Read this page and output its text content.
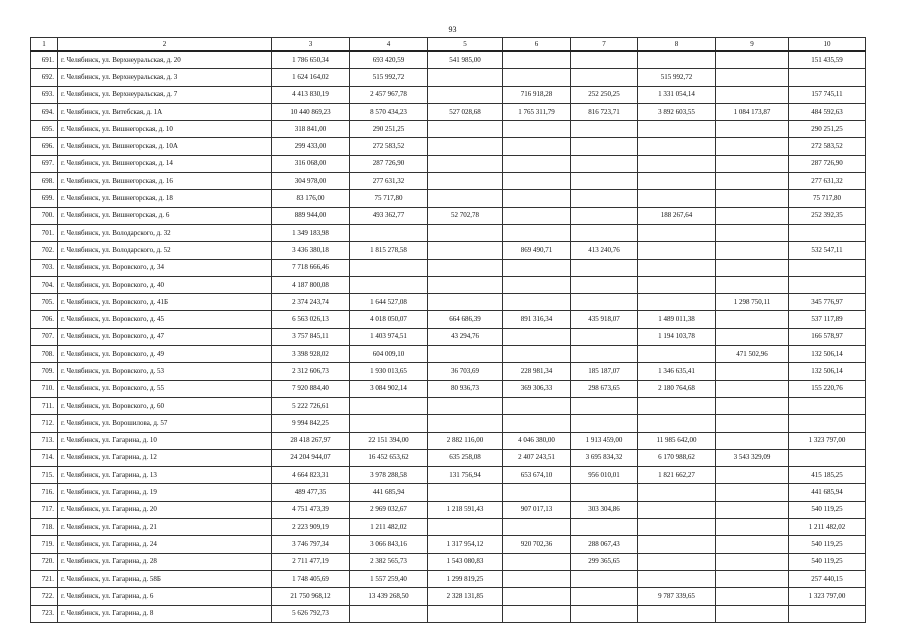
93
1	2	3	4	5	6	7	8	9	10
691.	г. Челябинск, ул. Верхнеуральская, д. 20	1 786 650,34	693 420,59	541 985,00					151 435,59
692.	г. Челябинск, ул. Верхнеуральская, д. 3	1 624 164,02	515 992,72				515 992,72		
693.	г. Челябинск, ул. Верхнеуральская, д. 7	4 413 830,19	2 457 967,78		716 918,28	252 250,25	1 331 054,14		157 745,11
694.	г. Челябинск, ул. Витебская, д. 1А	10 440 869,23	8 570 434,23	527 028,68	1 765 311,79	816 723,71	3 892 603,55	1 084 173,87	484 592,63
695.	г. Челябинск, ул. Вишнегорская, д. 10	318 841,00	290 251,25						290 251,25
696.	г. Челябинск, ул. Вишнегорская, д. 10А	299 433,00	272 583,52						272 583,52
697.	г. Челябинск, ул. Вишнегорская, д. 14	316 068,00	287 726,90						287 726,90
698.	г. Челябинск, ул. Вишнегорская, д. 16	304 978,00	277 631,32						277 631,32
699.	г. Челябинск, ул. Вишнегорская, д. 18	83 176,00	75 717,80						75 717,80
700.	г. Челябинск, ул. Вишнегорская, д. 6	889 944,00	493 362,77	52 702,78			188 267,64		252 392,35
701.	г. Челябинск, ул. Володарского, д. 32	1 349 183,98							
702.	г. Челябинск, ул. Володарского, д. 52	3 436 380,18	1 815 278,58		869 490,71	413 240,76			532 547,11
703.	г. Челябинск, ул. Воровского, д. 34	7 718 666,46							
704.	г. Челябинск, ул. Воровского, д. 40	4 187 800,08							
705.	г. Челябинск, ул. Воровского, д. 41Б	2 374 243,74	1 644 527,08					1 298 750,11	345 776,97
706.	г. Челябинск, ул. Воровского, д. 45	6 563 026,13	4 018 050,07	664 686,39	891 316,34	435 918,07	1 489 011,38		537 117,89
707.	г. Челябинск, ул. Воровского, д. 47	3 757 845,11	1 403 974,51	43 294,76			1 194 103,78		166 578,97
708.	г. Челябинск, ул. Воровского, д. 49	3 398 928,02	604 009,10					471 502,96	132 506,14
709.	г. Челябинск, ул. Воровского, д. 53	2 312 606,73	1 930 013,65	36 703,69	228 981,34	185 187,07	1 346 635,41		132 506,14
710.	г. Челябинск, ул. Воровского, д. 55	7 920 884,40	3 084 902,14	80 936,73	369 306,33	298 673,65	2 180 764,68		155 220,76
711.	г. Челябинск, ул. Воровского, д. 60	5 222 726,61							
712.	г. Челябинск, ул. Ворошилова, д. 57	9 994 842,25							
713.	г. Челябинск, ул. Гагарина, д. 10	28 418 267,97	22 151 394,00	2 882 116,00	4 046 380,00	1 913 459,00	11 985 642,00		1 323 797,00
714.	г. Челябинск, ул. Гагарина, д. 12	24 204 944,07	16 452 653,62	635 258,08	2 407 243,51	3 695 834,32	6 170 988,62	3 543 329,09	
715.	г. Челябинск, ул. Гагарина, д. 13	4 664 823,31	3 978 288,58	131 756,94	653 674,10	956 010,01	1 821 662,27		415 185,25
716.	г. Челябинск, ул. Гагарина, д. 19	489 477,35	441 685,94						441 685,94
717.	г. Челябинск, ул. Гагарина, д. 20	4 751 473,39	2 969 032,67	1 218 591,43	907 017,13	303 304,86			540 119,25
718.	г. Челябинск, ул. Гагарина, д. 21	2 223 909,19	1 211 482,02						1 211 482,02
719.	г. Челябинск, ул. Гагарина, д. 24	3 746 797,34	3 066 843,16	1 317 954,12	920 702,36	288 067,43			540 119,25
720.	г. Челябинск, ул. Гагарина, д. 28	2 711 477,19	2 382 565,73	1 543 080,83		299 365,65			540 119,25
721.	г. Челябинск, ул. Гагарина, д. 58Б	1 748 405,69	1 557 259,40	1 299 819,25					257 440,15
722.	г. Челябинск, ул. Гагарина, д. 6	21 750 968,12	13 439 268,50	2 328 131,85			9 787 339,65		1 323 797,00
723.	г. Челябинск, ул. Гагарина, д. 8	5 626 792,73							
